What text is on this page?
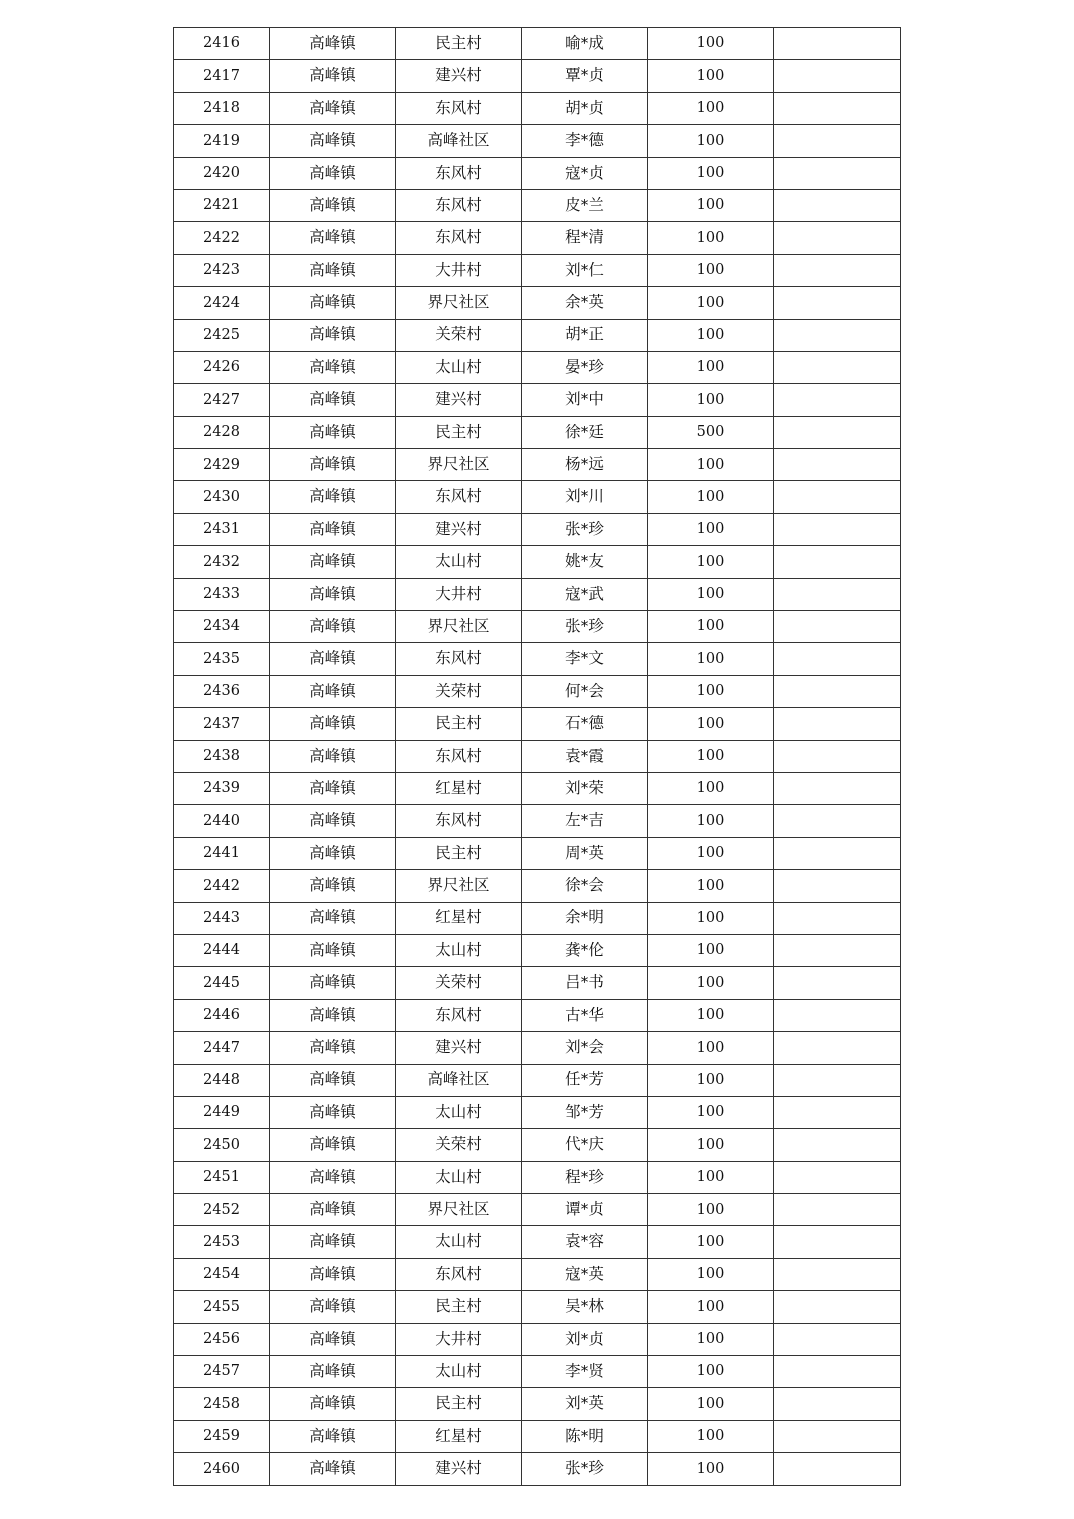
2416	高峰镇	民主村	喻*成	100	
2417	高峰镇	建兴村	覃*贞	100	
2418	高峰镇	东风村	胡*贞	100	
2419	高峰镇	高峰社区	李*德	100	
2420	高峰镇	东风村	寇*贞	100	
2421	高峰镇	东风村	皮*兰	100	
2422	高峰镇	东风村	程*清	100	
2423	高峰镇	大井村	刘*仁	100	
2424	高峰镇	界尺社区	余*英	100	
2425	高峰镇	关荣村	胡*正	100	
2426	高峰镇	太山村	晏*珍	100	
2427	高峰镇	建兴村	刘*中	100	
2428	高峰镇	民主村	徐*廷	500	
2429	高峰镇	界尺社区	杨*远	100	
2430	高峰镇	东风村	刘*川	100	
2431	高峰镇	建兴村	张*珍	100	
2432	高峰镇	太山村	姚*友	100	
2433	高峰镇	大井村	寇*武	100	
2434	高峰镇	界尺社区	张*珍	100	
2435	高峰镇	东风村	李*文	100	
2436	高峰镇	关荣村	何*会	100	
2437	高峰镇	民主村	石*德	100	
2438	高峰镇	东风村	袁*霞	100	
2439	高峰镇	红星村	刘*荣	100	
2440	高峰镇	东风村	左*吉	100	
2441	高峰镇	民主村	周*英	100	
2442	高峰镇	界尺社区	徐*会	100	
2443	高峰镇	红星村	余*明	100	
2444	高峰镇	太山村	龚*伦	100	
2445	高峰镇	关荣村	吕*书	100	
2446	高峰镇	东风村	古*华	100	
2447	高峰镇	建兴村	刘*会	100	
2448	高峰镇	高峰社区	任*芳	100	
2449	高峰镇	太山村	邹*芳	100	
2450	高峰镇	关荣村	代*庆	100	
2451	高峰镇	太山村	程*珍	100	
2452	高峰镇	界尺社区	谭*贞	100	
2453	高峰镇	太山村	袁*容	100	
2454	高峰镇	东风村	寇*英	100	
2455	高峰镇	民主村	吴*林	100	
2456	高峰镇	大井村	刘*贞	100	
2457	高峰镇	太山村	李*贤	100	
2458	高峰镇	民主村	刘*英	100	
2459	高峰镇	红星村	陈*明	100	
2460	高峰镇	建兴村	张*珍	100	
